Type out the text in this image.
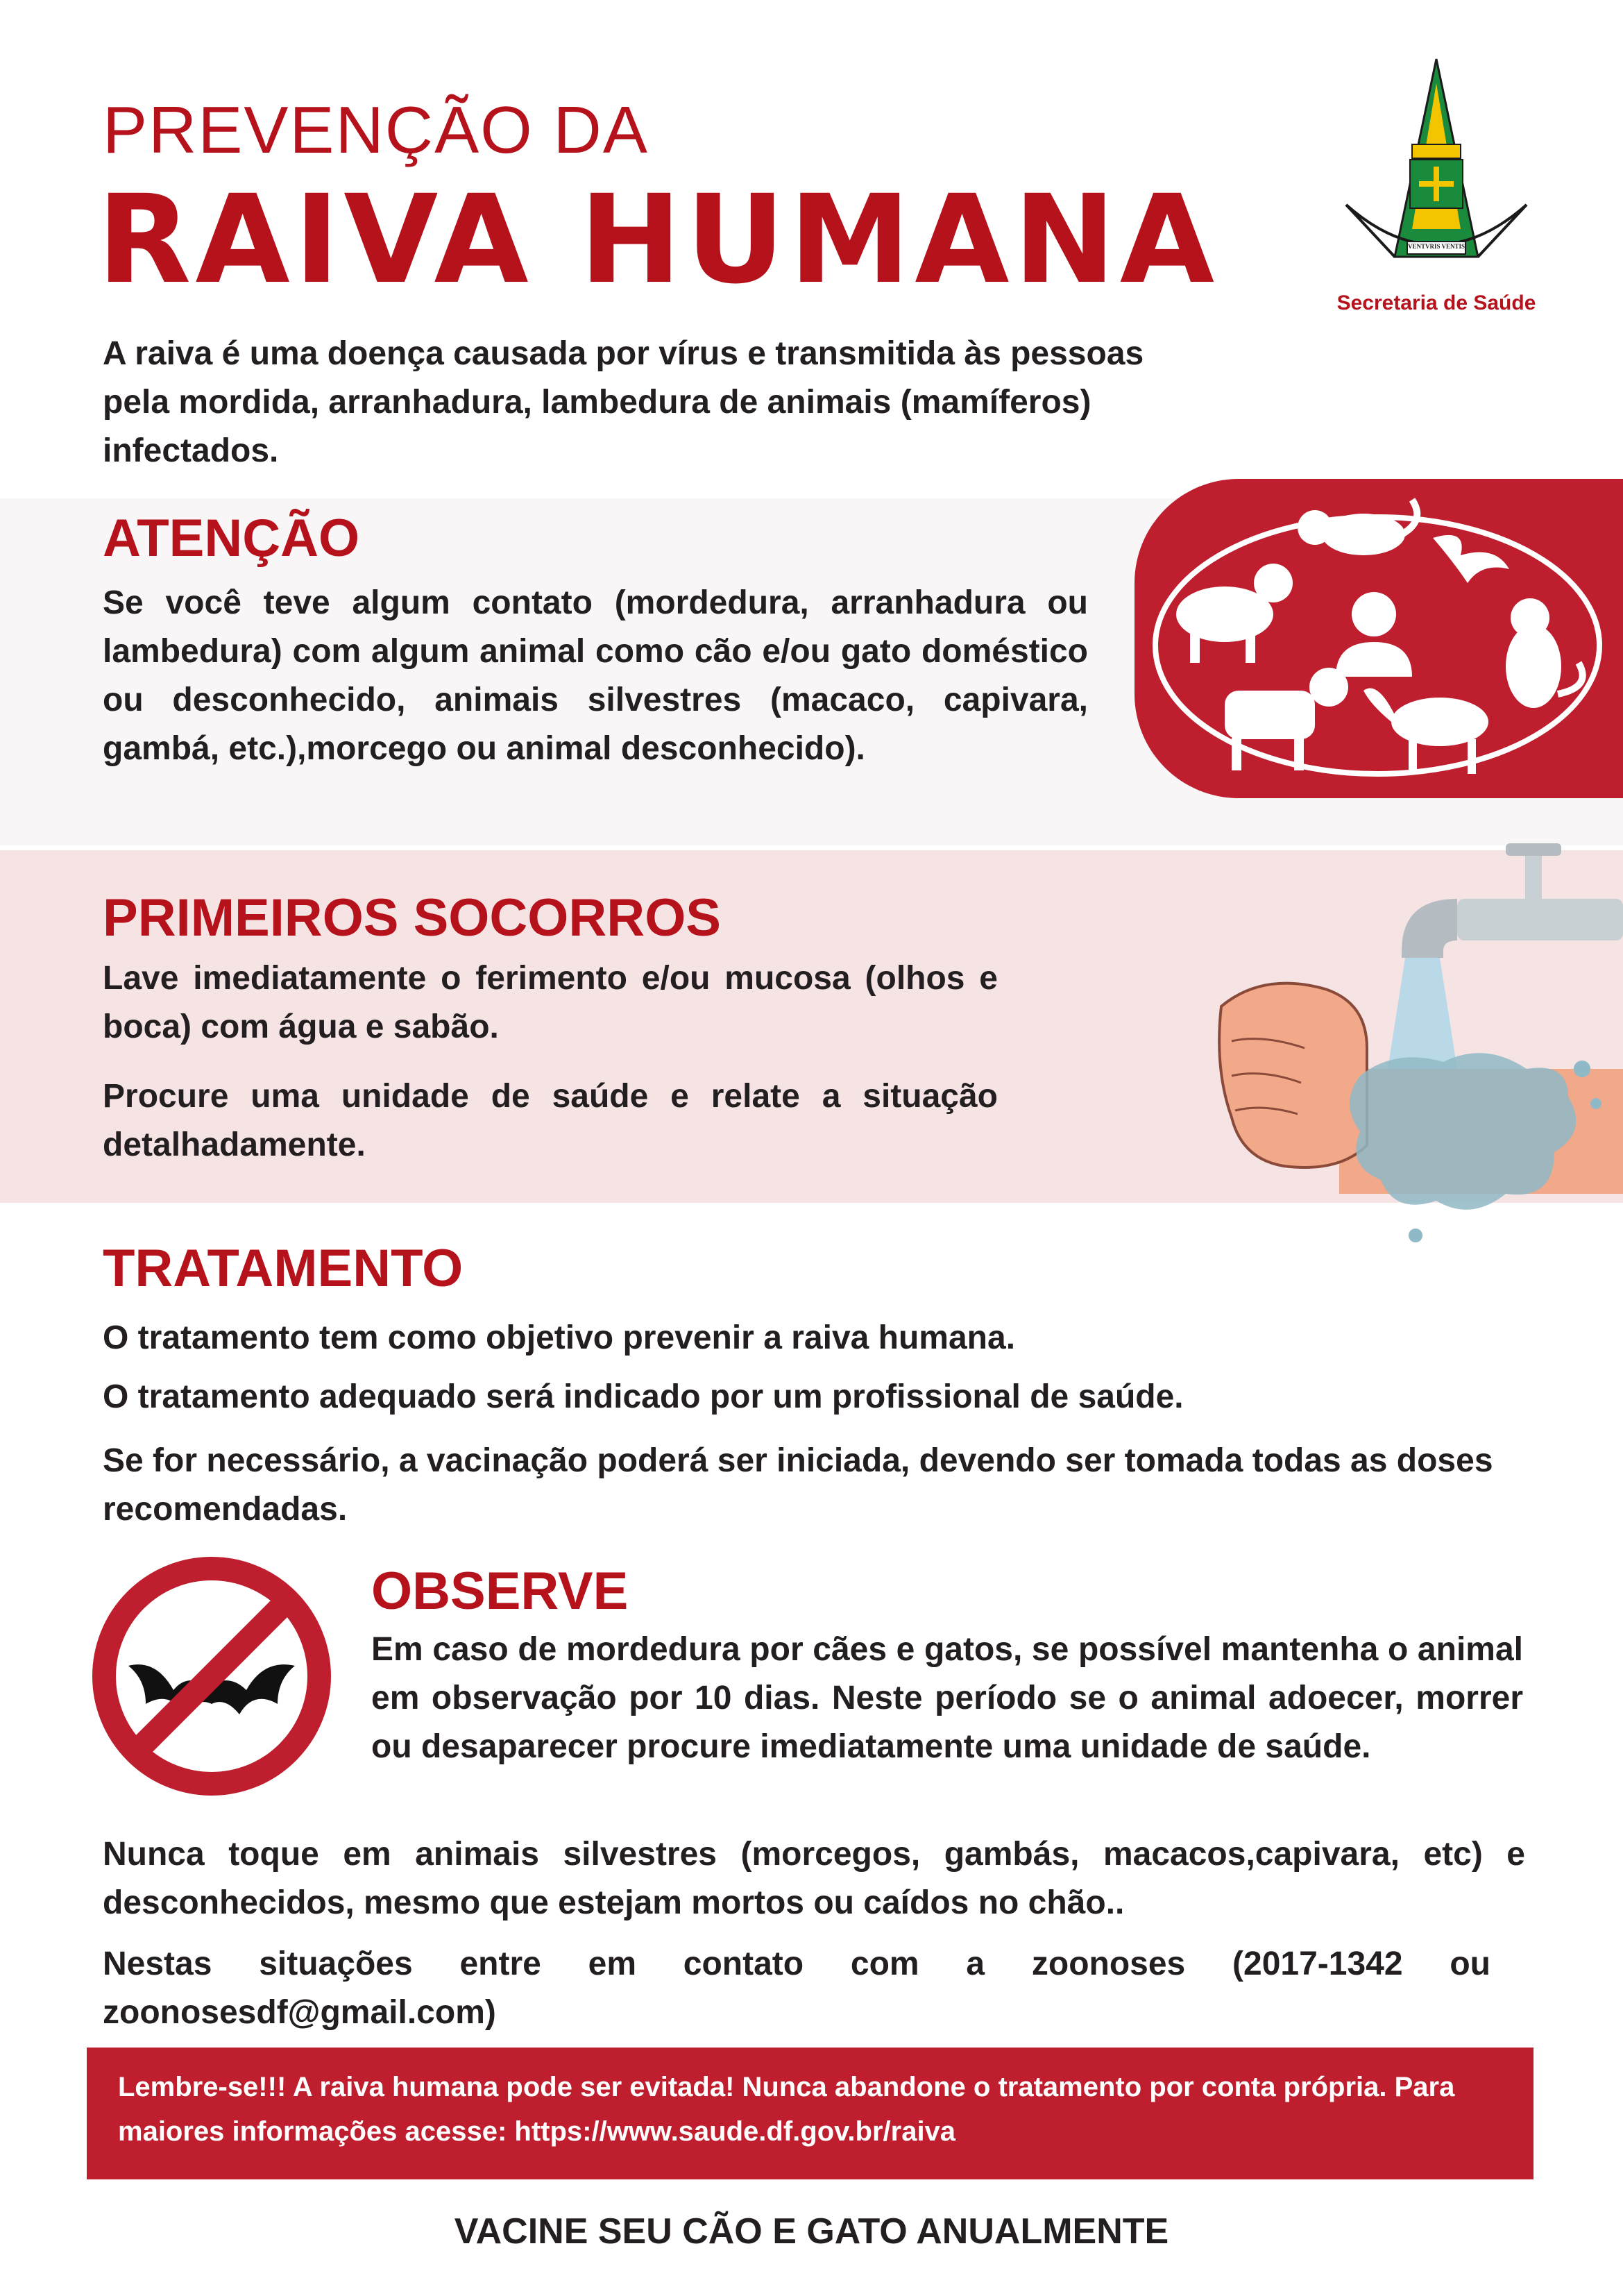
PREVENÇÃO DA
RAIVA HUMANA	VENTVRIS VENTIS
Secretaria de Saúde
A raiva é uma doença causada por vírus e transmitida às pessoas pela mordida, arranhadura, lambedura de animais (mamíferos) infectados.
ATENÇÃO
Se você teve algum contato (mordedura, arranhadura ou lambedura) com algum animal como cão e/ou gato doméstico ou desconhecido, animais silvestres (macaco, capivara, gambá, etc.),morcego ou animal desconhecido).
PRIMEIROS SOCORROS
Lave imediatamente o ferimento e/ou mucosa (olhos e boca) com água e sabão.
Procure uma unidade de saúde e relate a situação detalhadamente.
TRATAMENTO
O tratamento tem como objetivo prevenir a raiva humana.
O tratamento adequado será indicado por um profissional de saúde.
Se for necessário, a vacinação poderá ser iniciada, devendo ser tomada todas as doses recomendadas.
OBSERVE
Em caso de mordedura por cães e gatos, se possível mantenha o animal em observação por 10 dias. Neste período se o animal adoecer, morrer ou desaparecer procure imediatamente uma unidade de saúde.
Nunca toque em animais silvestres (morcegos, gambás, macacos,capivara, etc) e desconhecidos, mesmo que estejam mortos ou caídos no chão..
Nestas situações entre em contato com a zoonoses (2017-1342 ou zoonosesdf@gmail.com)
Lembre-se!!! A raiva humana pode ser evitada! Nunca abandone o tratamento por conta própria. Para maiores informações acesse: https://www.saude.df.gov.br/raiva
VACINE SEU CÃO E GATO ANUALMENTE
